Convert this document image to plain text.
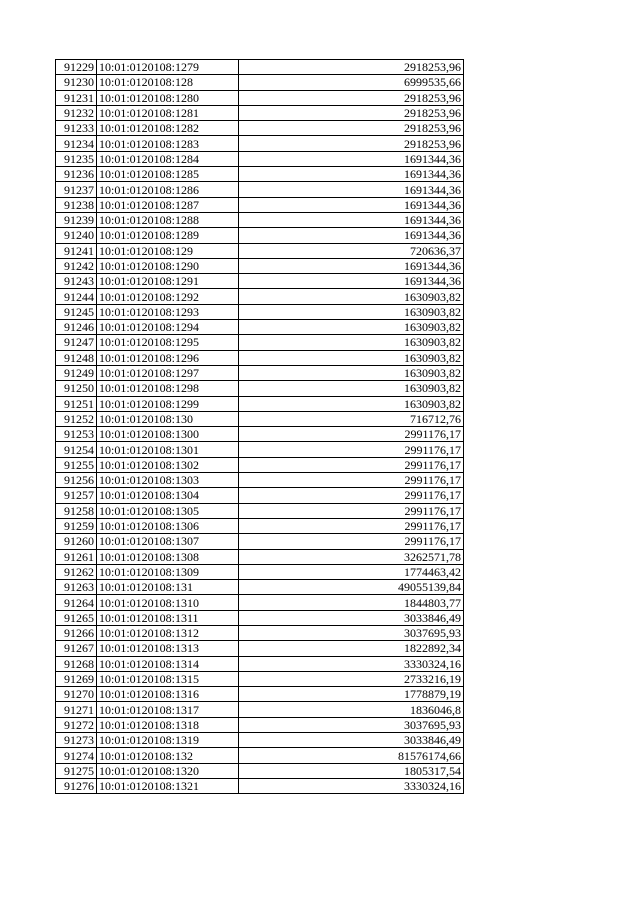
91229	10:01:0120108:1279	2918253,96
91230	10:01:0120108:128	6999535,66
91231	10:01:0120108:1280	2918253,96
91232	10:01:0120108:1281	2918253,96
91233	10:01:0120108:1282	2918253,96
91234	10:01:0120108:1283	2918253,96
91235	10:01:0120108:1284	1691344,36
91236	10:01:0120108:1285	1691344,36
91237	10:01:0120108:1286	1691344,36
91238	10:01:0120108:1287	1691344,36
91239	10:01:0120108:1288	1691344,36
91240	10:01:0120108:1289	1691344,36
91241	10:01:0120108:129	720636,37
91242	10:01:0120108:1290	1691344,36
91243	10:01:0120108:1291	1691344,36
91244	10:01:0120108:1292	1630903,82
91245	10:01:0120108:1293	1630903,82
91246	10:01:0120108:1294	1630903,82
91247	10:01:0120108:1295	1630903,82
91248	10:01:0120108:1296	1630903,82
91249	10:01:0120108:1297	1630903,82
91250	10:01:0120108:1298	1630903,82
91251	10:01:0120108:1299	1630903,82
91252	10:01:0120108:130	716712,76
91253	10:01:0120108:1300	2991176,17
91254	10:01:0120108:1301	2991176,17
91255	10:01:0120108:1302	2991176,17
91256	10:01:0120108:1303	2991176,17
91257	10:01:0120108:1304	2991176,17
91258	10:01:0120108:1305	2991176,17
91259	10:01:0120108:1306	2991176,17
91260	10:01:0120108:1307	2991176,17
91261	10:01:0120108:1308	3262571,78
91262	10:01:0120108:1309	1774463,42
91263	10:01:0120108:131	49055139,84
91264	10:01:0120108:1310	1844803,77
91265	10:01:0120108:1311	3033846,49
91266	10:01:0120108:1312	3037695,93
91267	10:01:0120108:1313	1822892,34
91268	10:01:0120108:1314	3330324,16
91269	10:01:0120108:1315	2733216,19
91270	10:01:0120108:1316	1778879,19
91271	10:01:0120108:1317	1836046,8
91272	10:01:0120108:1318	3037695,93
91273	10:01:0120108:1319	3033846,49
91274	10:01:0120108:132	81576174,66
91275	10:01:0120108:1320	1805317,54
91276	10:01:0120108:1321	3330324,16
